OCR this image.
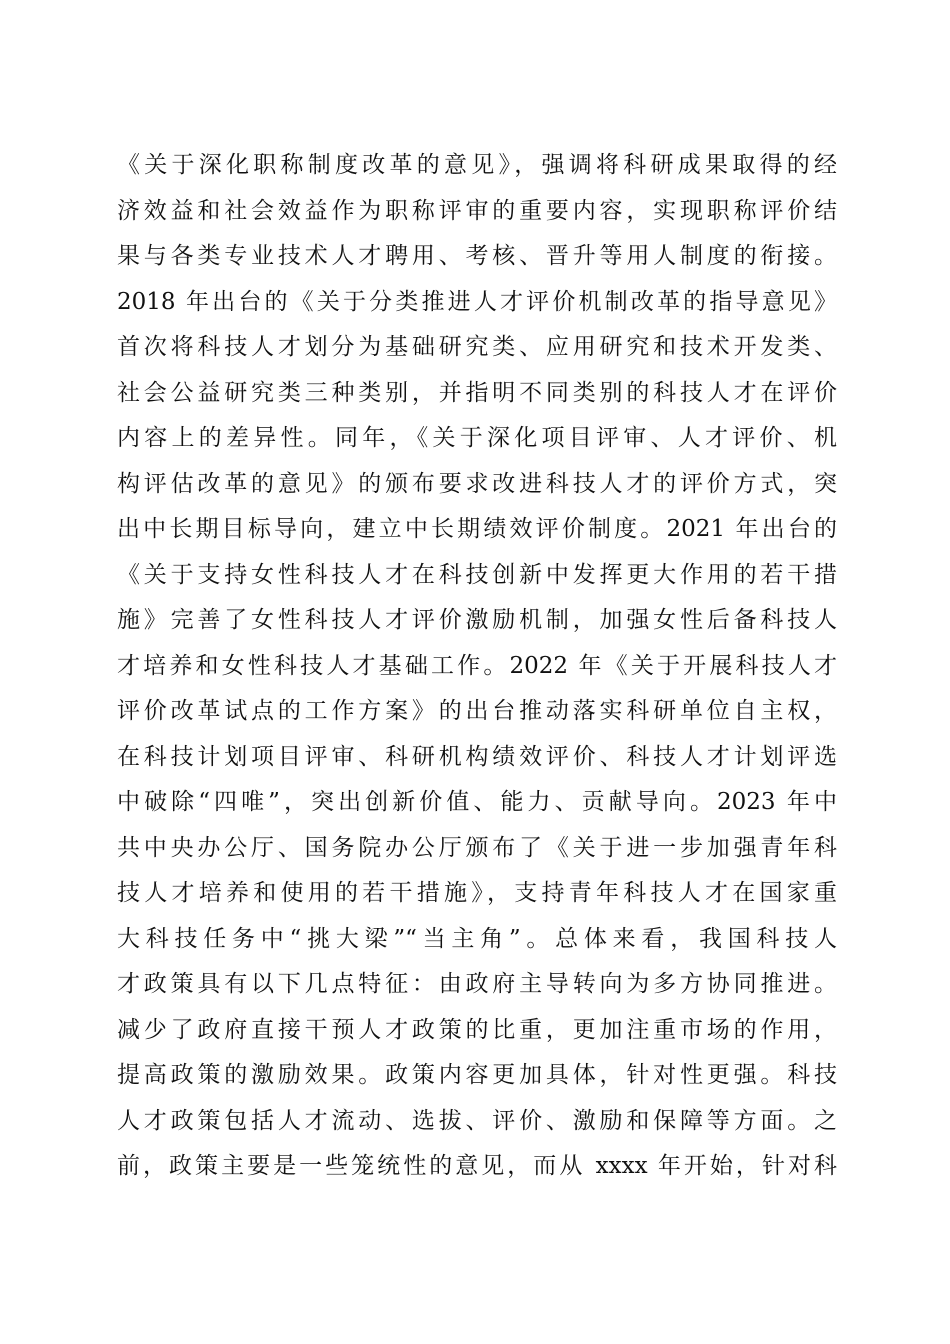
《关于深化职称制度改革的意见》，强调将科研成果取得的经
济效益和社会效益作为职称评审的重要内容，实现职称评价结
果与各类专业技术人才聘用、考核、晋升等用人制度的衔接。
2018 年出台的《关于分类推进人才评价机制改革的指导意见》
首次将科技人才划分为基础研究类、应用研究和技术开发类、
社会公益研究类三种类别，并指明不同类别的科技人才在评价
内容上的差异性。同年，《关于深化项目评审、人才评价、机
构评估改革的意见》的颁布要求改进科技人才的评价方式，突
出中长期目标导向，建立中长期绩效评价制度。2021 年出台的
《关于支持女性科技人才在科技创新中发挥更大作用的若干措
施》完善了女性科技人才评价激励机制，加强女性后备科技人
才培养和女性科技人才基础工作。2022 年《关于开展科技人才
评价改革试点的工作方案》的出台推动落实科研单位自主权，
在科技计划项目评审、科研机构绩效评价、科技人才计划评选
中破除“四唯”，突出创新价值、能力、贡献导向。2023 年中
共中央办公厅、国务院办公厅颁布了《关于进一步加强青年科
技人才培养和使用的若干措施》，支持青年科技人才在国家重
大科技任务中“挑大梁”“当主角”。总体来看，我国科技人
才政策具有以下几点特征：由政府主导转向为多方协同推进。
减少了政府直接干预人才政策的比重，更加注重市场的作用，
提高政策的激励效果。政策内容更加具体，针对性更强。科技
人才政策包括人才流动、选拔、评价、激励和保障等方面。之
前，政策主要是一些笼统性的意见，而从 xxxx 年开始，针对科
